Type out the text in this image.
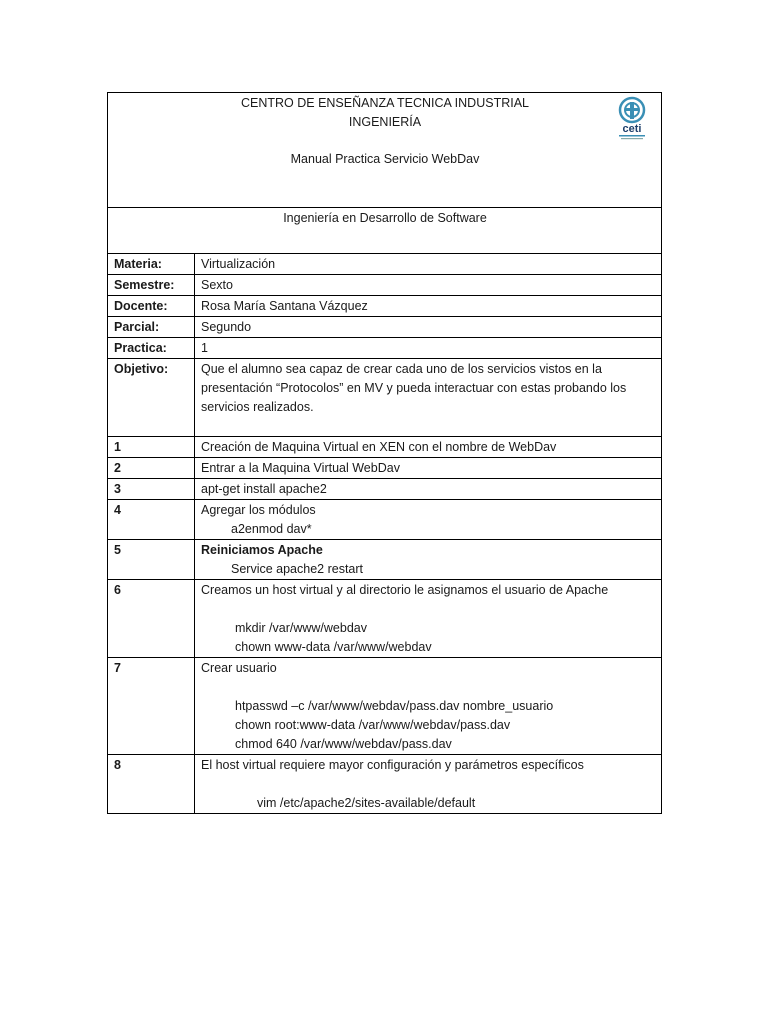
CENTRO DE ENSEÑANZA TECNICA INDUSTRIAL
INGENIERÍA
Manual Practica Servicio WebDav
ceti	

Ingeniería en Desarrollo de Software	
Materia:	Virtualización
Semestre:	Sexto
Docente:	Rosa María Santana Vázquez
Parcial:	Segundo
Practica:	1
Objetivo:	Que el alumno sea capaz de crear cada uno de los servicios vistos en la presentación “Protocolos” en MV y pueda interactuar con estas probando los servicios realizados.
1	Creación de Maquina Virtual en XEN con el nombre de WebDav
2	Entrar a la Maquina Virtual WebDav
3	apt-get install apache2
4	Agregar los módulos
a2enmod dav*

5	Reiniciamos Apache
Service apache2 restart

6	Creamos un host virtual y al directorio le asignamos el usuario de Apache
mkdir /var/www/webdav
chown www-data /var/www/webdav

7	Crear usuario
htpasswd –c /var/www/webdav/pass.dav nombre_usuario
chown root:www-data /var/www/webdav/pass.dav
chmod 640 /var/www/webdav/pass.dav

8	El host virtual requiere mayor configuración y parámetros específicos
vim /etc/apache2/sites-available/default
